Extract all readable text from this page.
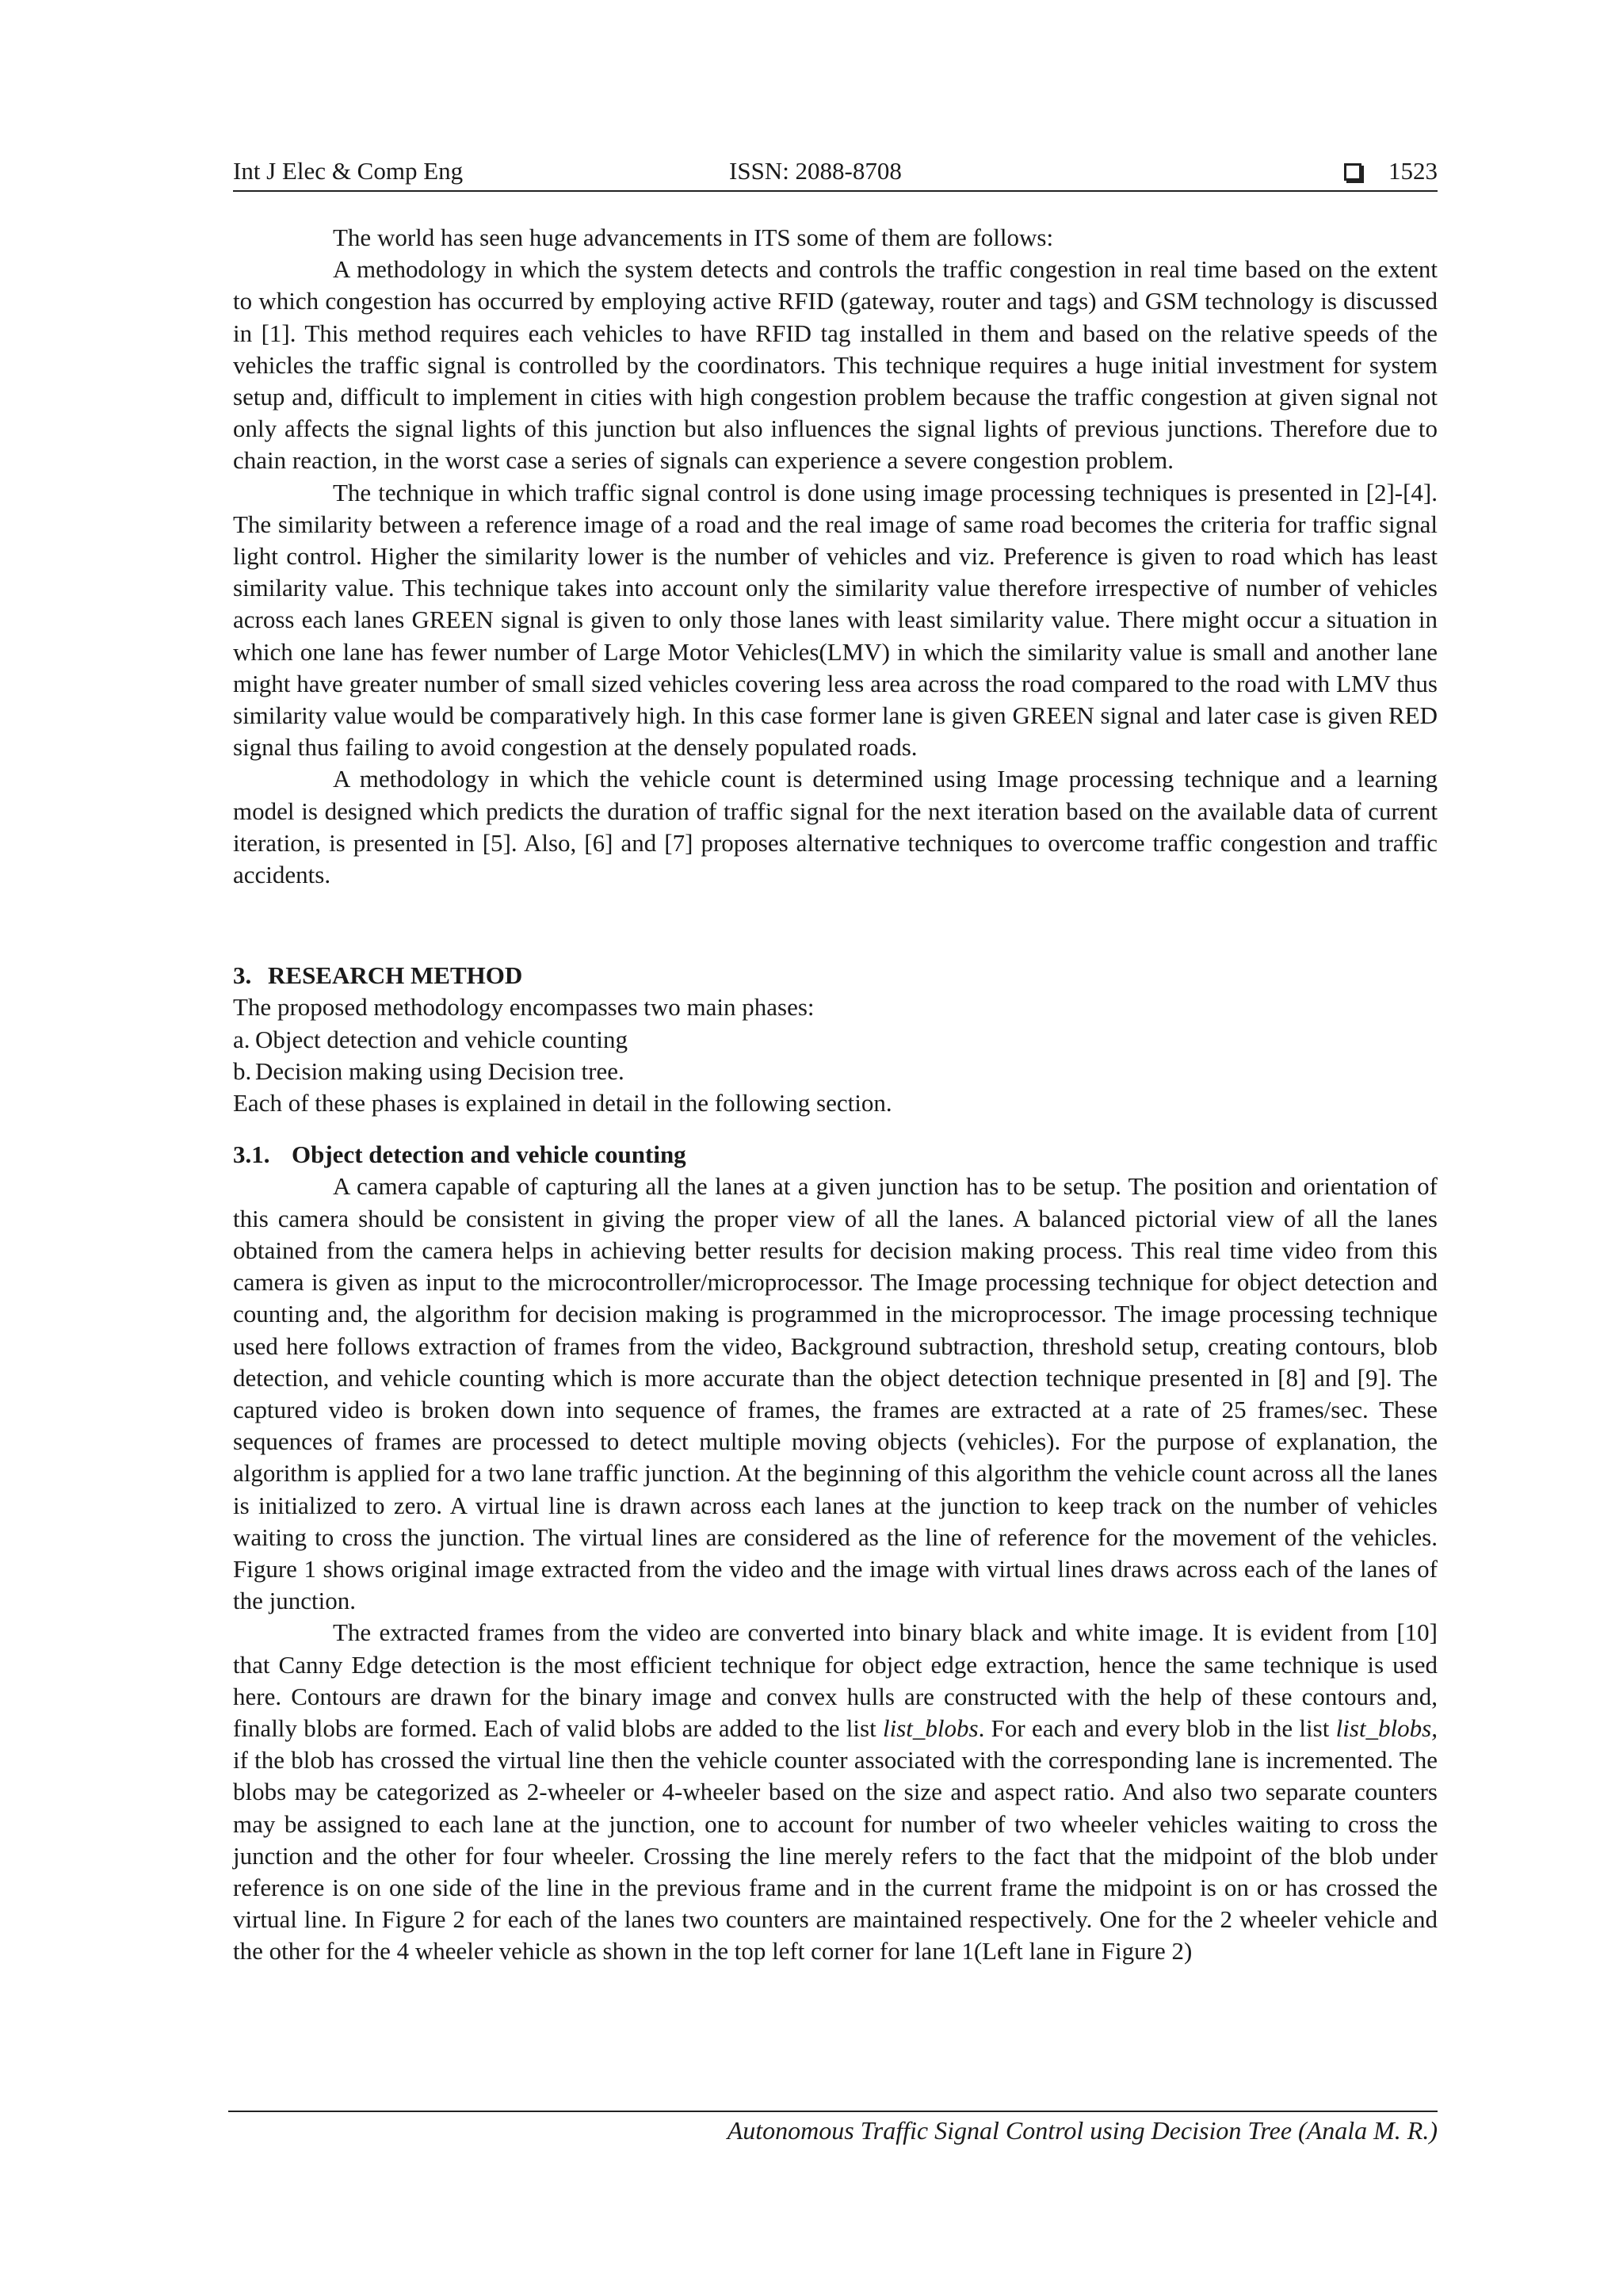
Int J Elec & Comp Eng	ISSN: 2088-8708	1523

The world has seen huge advancements in ITS some of them are follows:

A methodology in which the system detects and controls the traffic congestion in real time based on the extent to which congestion has occurred by employing active RFID (gateway, router and tags) and GSM technology is discussed in [1]. This method requires each vehicles to have RFID tag installed in them and based on the relative speeds of the vehicles the traffic signal is controlled by the coordinators. This technique requires a huge initial investment for system setup and, difficult to implement in cities with high congestion problem because the traffic congestion at given signal not only affects the signal lights of this junction but also influences the signal lights of previous junctions. Therefore due to chain reaction, in the worst case a series of signals can experience a severe congestion problem.

The technique in which traffic signal control is done using image processing techniques is presented in [2]-[4]. The similarity between a reference image of a road and the real image of same road becomes the criteria for traffic signal light control. Higher the similarity lower is the number of vehicles and viz. Preference is given to road which has least similarity value. This technique takes into account only the similarity value therefore irrespective of number of vehicles across each lanes GREEN signal is given to only those lanes with least similarity value. There might occur a situation in which one lane has fewer number of Large Motor Vehicles(LMV) in which the similarity value is small and another lane might have greater number of small sized vehicles covering less area across the road compared to the road with LMV thus similarity value would be comparatively high. In this case former lane is given GREEN signal and later case is given RED signal thus failing to avoid congestion at the densely populated roads.

A methodology in which the vehicle count is determined using Image processing technique and a learning model is designed which predicts the duration of traffic signal for the next iteration based on the available data of current iteration, is presented in [5]. Also, [6] and [7] proposes alternative techniques to overcome traffic congestion and traffic accidents.

3. RESEARCH METHOD

The proposed methodology encompasses two main phases:

a. Object detection and vehicle counting
b. Decision making using Decision tree.

Each of these phases is explained in detail in the following section.

3.1. Object detection and vehicle counting

A camera capable of capturing all the lanes at a given junction has to be setup. The position and orientation of this camera should be consistent in giving the proper view of all the lanes. A balanced pictorial view of all the lanes obtained from the camera helps in achieving better results for decision making process. This real time video from this camera is given as input to the microcontroller/microprocessor. The Image processing technique for object detection and counting and, the algorithm for decision making is programmed in the microprocessor. The image processing technique used here follows extraction of frames from the video, Background subtraction, threshold setup, creating contours, blob detection, and vehicle counting which is more accurate than the object detection technique presented in [8] and [9]. The captured video is broken down into sequence of frames, the frames are extracted at a rate of 25 frames/sec. These sequences of frames are processed to detect multiple moving objects (vehicles). For the purpose of explanation, the algorithm is applied for a two lane traffic junction. At the beginning of this algorithm the vehicle count across all the lanes is initialized to zero. A virtual line is drawn across each lanes at the junction to keep track on the number of vehicles waiting to cross the junction. The virtual lines are considered as the line of reference for the movement of the vehicles. Figure 1 shows original image extracted from the video and the image with virtual lines draws across each of the lanes of the junction.

The extracted frames from the video are converted into binary black and white image. It is evident from [10] that Canny Edge detection is the most efficient technique for object edge extraction, hence the same technique is used here. Contours are drawn for the binary image and convex hulls are constructed with the help of these contours and, finally blobs are formed. Each of valid blobs are added to the list list_blobs. For each and every blob in the list list_blobs, if the blob has crossed the virtual line then the vehicle counter associated with the corresponding lane is incremented. The blobs may be categorized as 2-wheeler or 4-wheeler based on the size and aspect ratio. And also two separate counters may be assigned to each lane at the junction, one to account for number of two wheeler vehicles waiting to cross the junction and the other for four wheeler. Crossing the line merely refers to the fact that the midpoint of the blob under reference is on one side of the line in the previous frame and in the current frame the midpoint is on or has crossed the virtual line. In Figure 2 for each of the lanes two counters are maintained respectively. One for the 2 wheeler vehicle and the other for the 4 wheeler vehicle as shown in the top left corner for lane 1(Left lane in Figure 2)

Autonomous Traffic Signal Control using Decision Tree (Anala M. R.)
